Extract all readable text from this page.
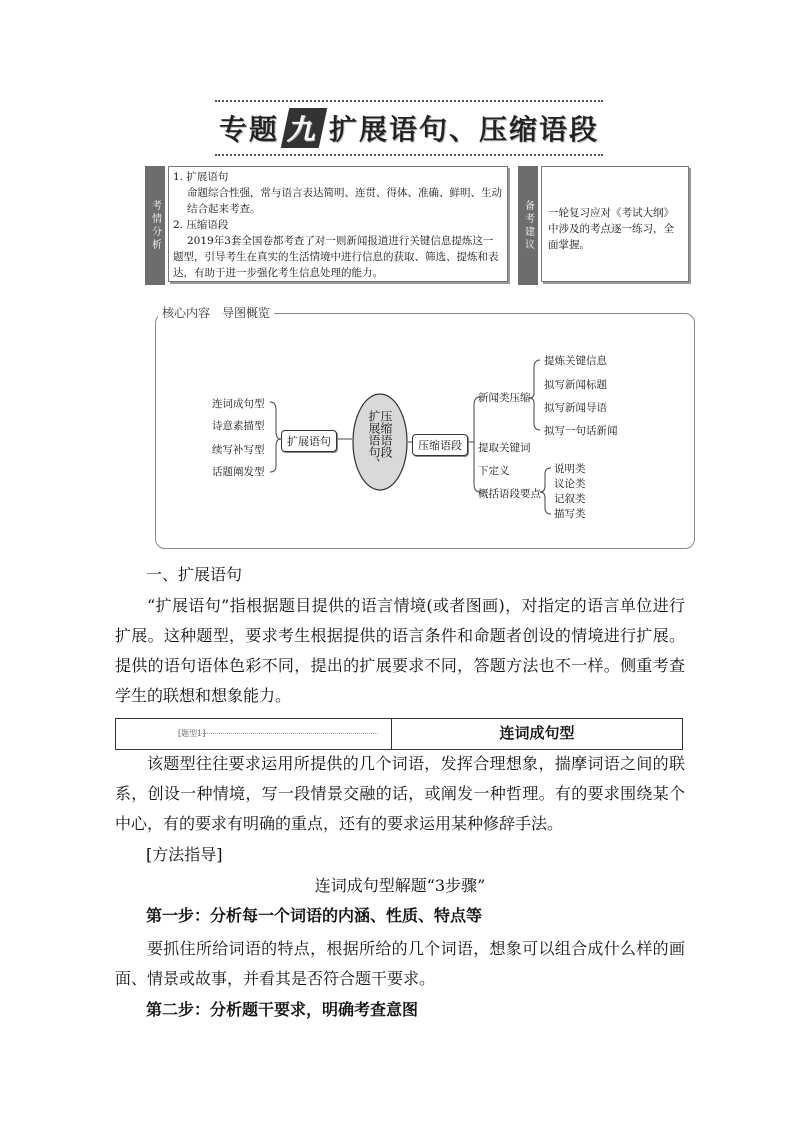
专题 九 扩展语句、压缩语段
考情分析

1. 扩展语句

命题综合性强，常与语言表达简明、连贯、得体、准确、鲜明、生动结合起来考查。

2. 压缩语段

2019年3套全国卷都考查了对一则新闻报道进行关键信息提炼这一题型，引导考生在真实的生活情境中进行信息的获取、筛选、提炼和表达，有助于进一步强化考生信息处理的能力。

备考建议 一轮复习应对《考试大纲》中涉及的考点逐一练习，全面掌握。

核心内容　导图概览
连词成句型
诗意素描型
续写补写型
话题阐发型
扩展语句	扩展语句、
压缩语段	压缩语段
新闻类压缩
提炼关键信息
拟写新闻标题
拟写新闻导语
拟写一句话新闻
提取关键词
下定义
概括语段要点
说明类
议论类
记叙类
描写类
一、扩展语句
“扩展语句”指根据题目提供的语言情境(或者图画)，对指定的语言单位进行扩展。这种题型，要求考生根据提供的语言条件和命题者创设的情境进行扩展。提供的语句语体色彩不同，提出的扩展要求不同，答题方法也不一样。侧重考查学生的联想和想象能力。
[题型1]	连词成句型
该题型往往要求运用所提供的几个词语，发挥合理想象，揣摩词语之间的联系，创设一种情境，写一段情景交融的话，或阐发一种哲理。有的要求围绕某个中心，有的要求有明确的重点，还有的要求运用某种修辞手法。
[方法指导]
连词成句型解题“3步骤”
第一步：分析每一个词语的内涵、性质、特点等
要抓住所给词语的特点，根据所给的几个词语，想象可以组合成什么样的画面、情景或故事，并看其是否符合题干要求。
第二步：分析题干要求，明确考查意图
